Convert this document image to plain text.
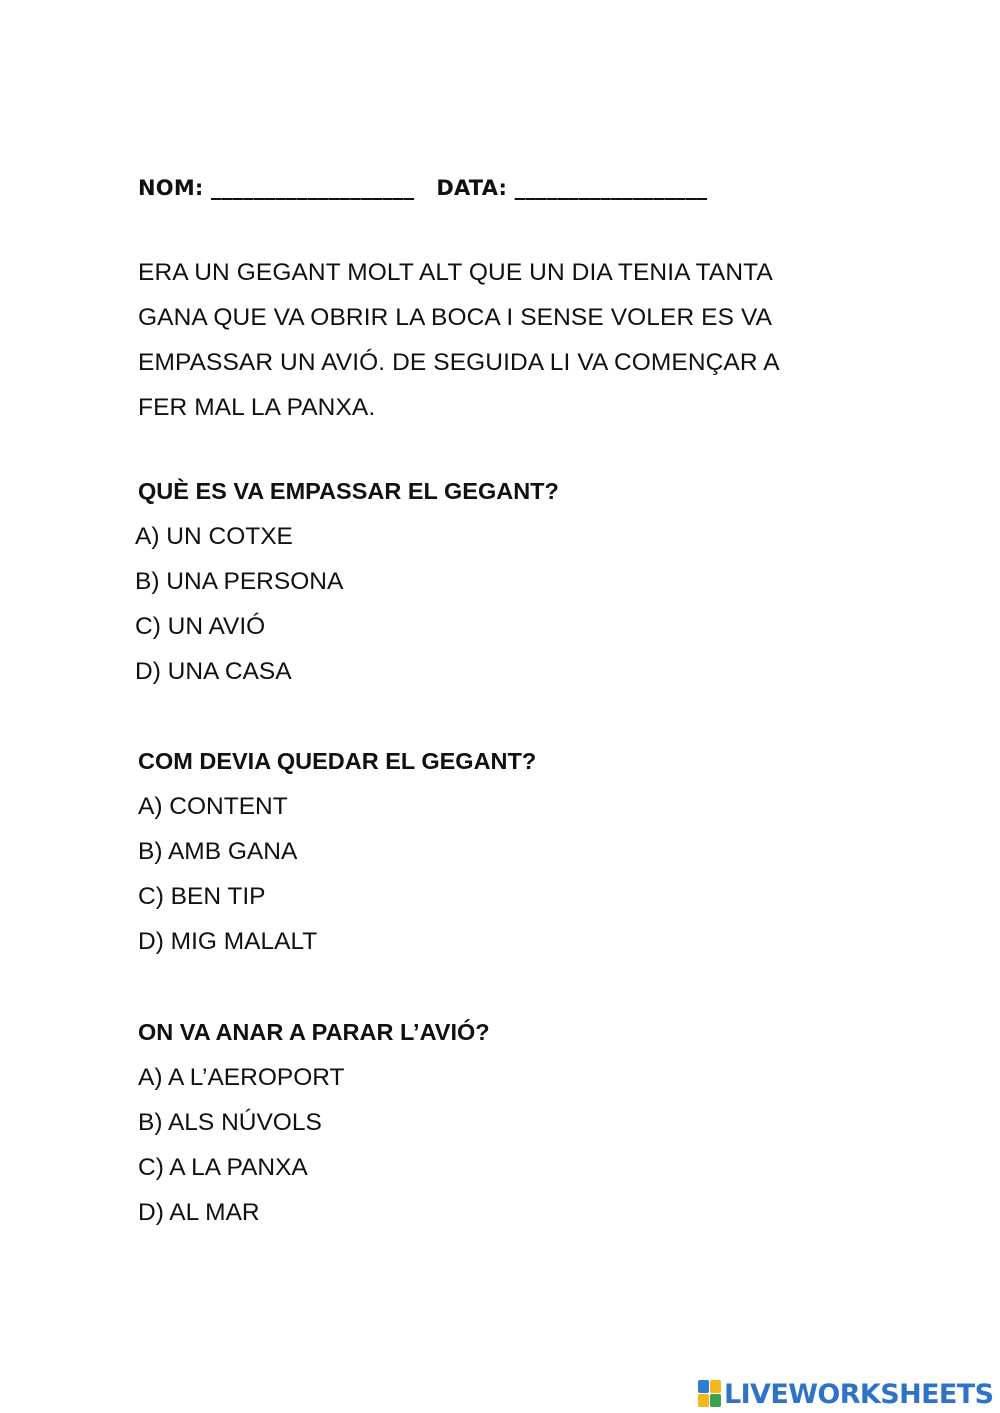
NOM: ___________________ DATA: __________________
ERA UN GEGANT MOLT ALT QUE UN DIA TENIA TANTA
GANA QUE VA OBRIR LA BOCA I SENSE VOLER ES VA
EMPASSAR UN AVIÓ. DE SEGUIDA LI VA COMENÇAR A
FER MAL LA PANXA.
QUÈ ES VA EMPASSAR EL GEGANT?
A) UN COTXE
B) UNA PERSONA
C) UN AVIÓ
D) UNA CASA
COM DEVIA QUEDAR EL GEGANT?
A) CONTENT
B) AMB GANA
C) BEN TIP
D) MIG MALALT
ON VA ANAR A PARAR L’AVIÓ?
A) A L’AEROPORT
B) ALS NÚVOLS
C) A LA PANXA
D) AL MAR
LIVEWORKSHEETS
